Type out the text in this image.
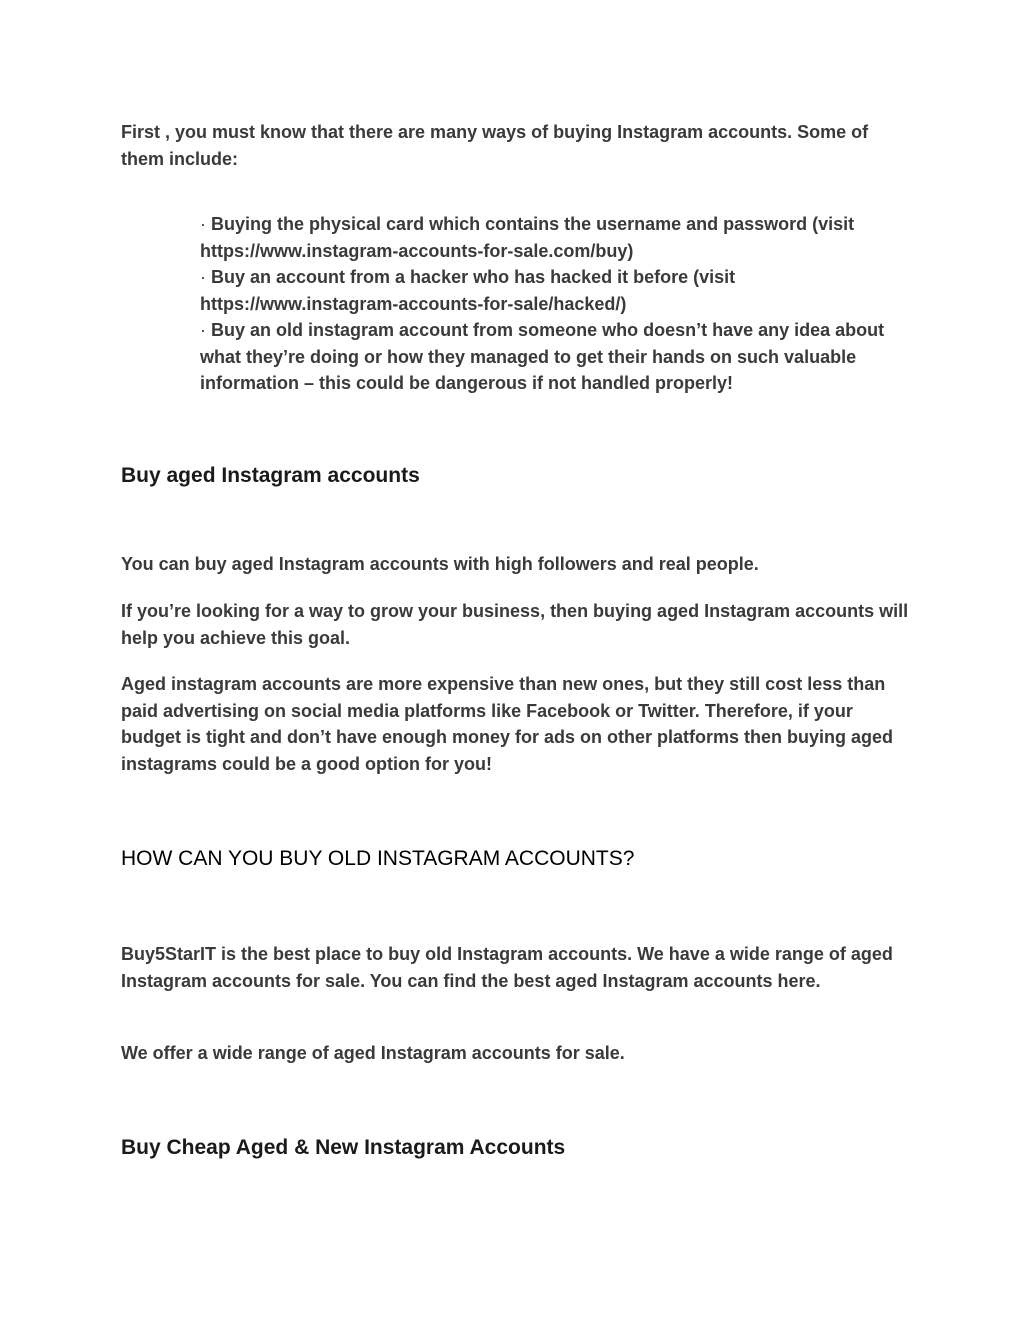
First , you must know that there are many ways of buying Instagram accounts. Some of them include:

· Buying the physical card which contains the username and password (visit https://www.instagram-accounts-for-sale.com/buy)
· Buy an account from a hacker who has hacked it before (visit https://www.instagram-accounts-for-sale/hacked/)
· Buy an old instagram account from someone who doesn’t have any idea about what they’re doing or how they managed to get their hands on such valuable information – this could be dangerous if not handled properly!
Buy aged Instagram accounts

You can buy aged Instagram accounts with high followers and real people.

If you’re looking for a way to grow your business, then buying aged Instagram accounts will help you achieve this goal.

Aged instagram accounts are more expensive than new ones, but they still cost less than paid advertising on social media platforms like Facebook or Twitter. Therefore, if your budget is tight and don’t have enough money for ads on other platforms then buying aged instagrams could be a good option for you!

HOW CAN YOU BUY OLD INSTAGRAM ACCOUNTS?

Buy5StarIT is the best place to buy old Instagram accounts. We have a wide range of aged Instagram accounts for sale. You can find the best aged Instagram accounts here.

We offer a wide range of aged Instagram accounts for sale.

Buy Cheap Aged & New Instagram Accounts
